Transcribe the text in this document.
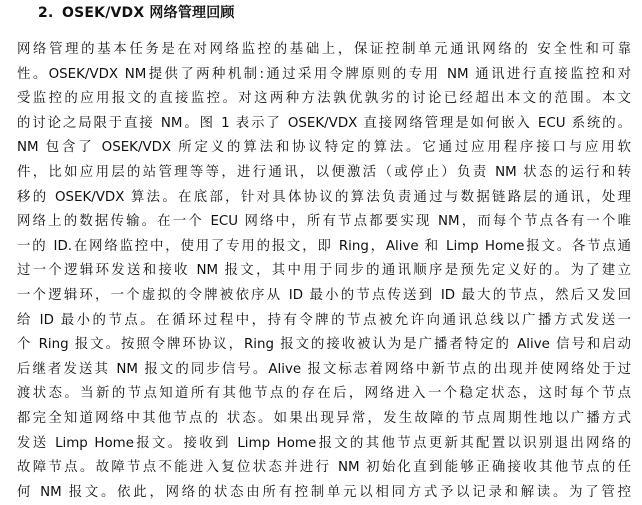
2. OSEK/VDX 网络管理回顾
网络管理的基本任务是在对网络监控的基础上，保证控制单元通讯网络的 安全性和可靠
性。OSEK/VDX NM提供了两种机制:通过采用令牌原则的专用 NM 通讯进行直接监控和对
受监控的应用报文的直接监控。对这两种方法孰优孰劣的讨论已经超出本文的范围。本文
的讨论之局限于直接 NM。图 1 表示了 OSEK/VDX 直接网络管理是如何嵌入 ECU 系统的。
NM 包含了 OSEK/VDX 所定义的算法和协议特定的算法。它通过应用程序接口与应用软
件，比如应用层的站管理等等，进行通讯，以便激活（或停止）负责 NM 状态的运行和转
移的 OSEK/VDX 算法。在底部，针对具体协议的算法负责通过与数据链路层的通讯，处理
网络上的数据传输。在一个 ECU 网络中，所有节点都要实现 NM，而每个节点各有一个唯
一的 ID.在网络监控中，使用了专用的报文，即 Ring，Alive 和 Limp Home报文。各节点通
过一个逻辑环发送和接收 NM 报文，其中用于同步的通讯顺序是预先定义好的。为了建立
一个逻辑环，一个虚拟的令牌被依序从 ID 最小的节点传送到 ID 最大的节点，然后又发回
给 ID 最小的节点。在循环过程中，持有令牌的节点被允许向通讯总线以广播方式发送一
个 Ring 报文。按照令牌环协议，Ring 报文的接收被认为是广播者特定的 Alive 信号和启动
后继者发送其 NM 报文的同步信号。Alive 报文标志着网络中新节点的出现并使网络处于过
渡状态。当新的节点知道所有其他节点的存在后，网络进入一个稳定状态，这时每个节点
都完全知道网络中其他节点的 状态。如果出现异常，发生故障的节点周期性地以广播方式
发送 Limp Home报文。接收到 Limp Home报文的其他节点更新其配置以识别退出网络的
故障节点。故障节点不能进入复位状态并进行 NM 初始化直到能够正确接收其他节点的任
何 NM 报文。依此，网络的状态由所有控制单元以相同方式予以记录和解读。为了管控
